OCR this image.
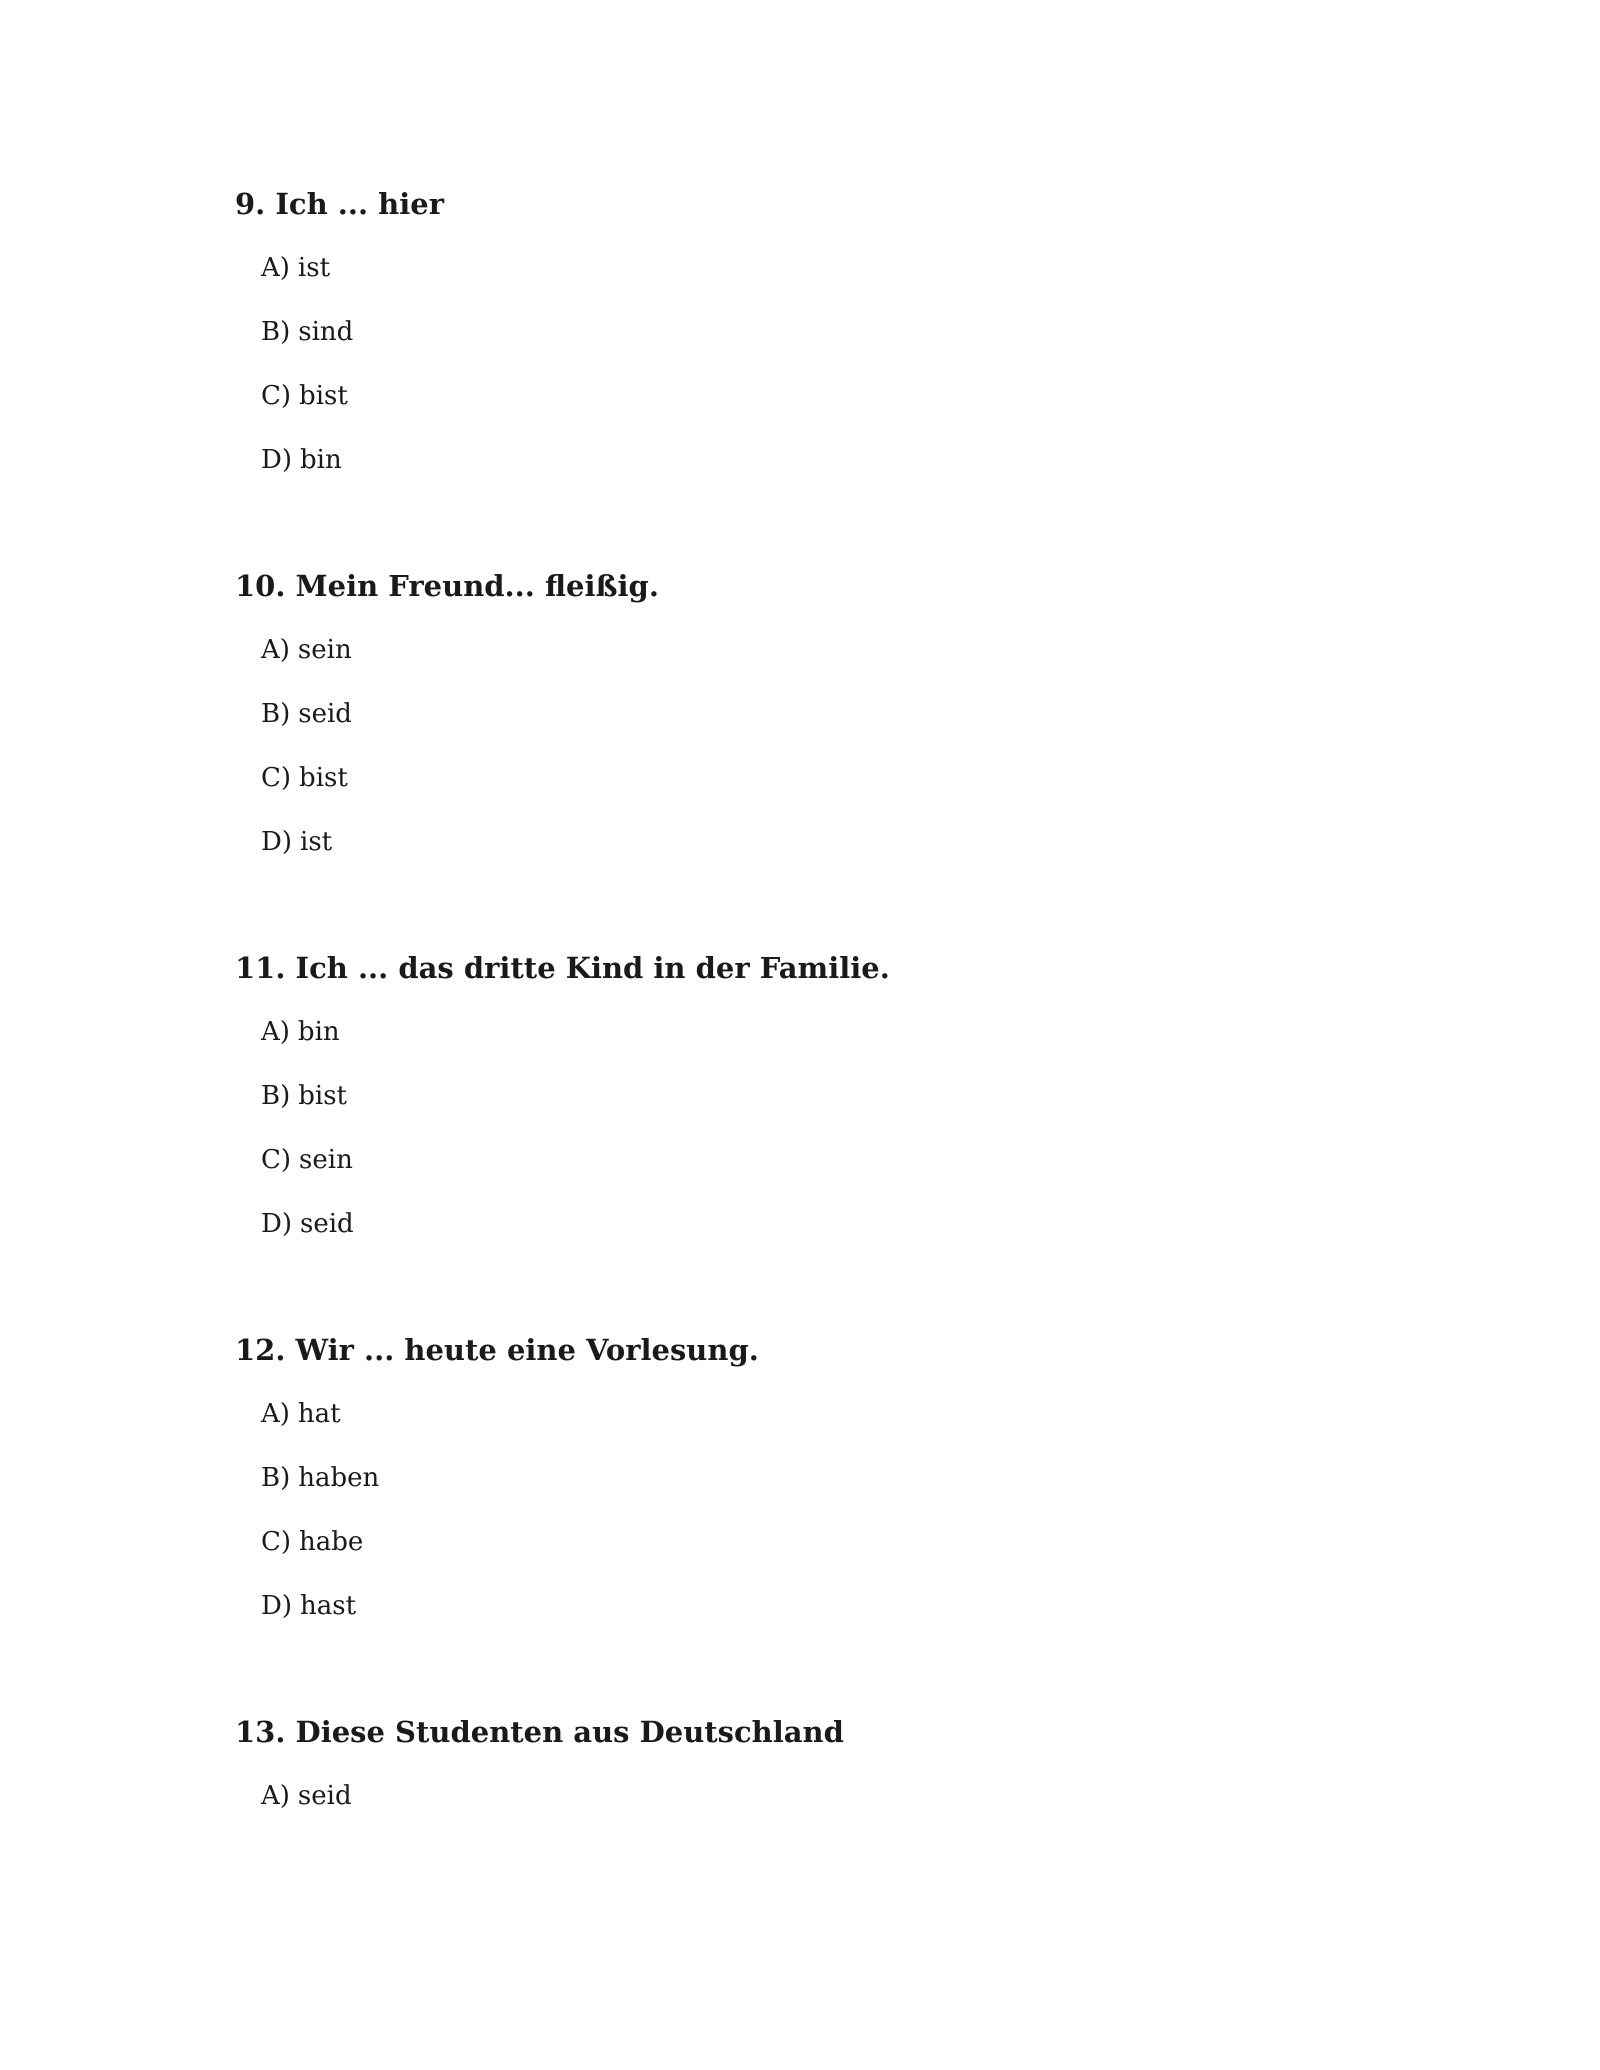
9. Ich ... hier

A) ist
B) sind
C) bist
D) bin

10. Mein Freund... fleißig.

A) sein
B) seid
C) bist
D) ist

11. Ich ... das dritte Kind in der Familie.

A) bin
B) bist
C) sein
D) seid

12. Wir ... heute eine Vorlesung.

A) hat
B) haben
C) habe
D) hast

13. Diese Studenten aus Deutschland

A) seid
